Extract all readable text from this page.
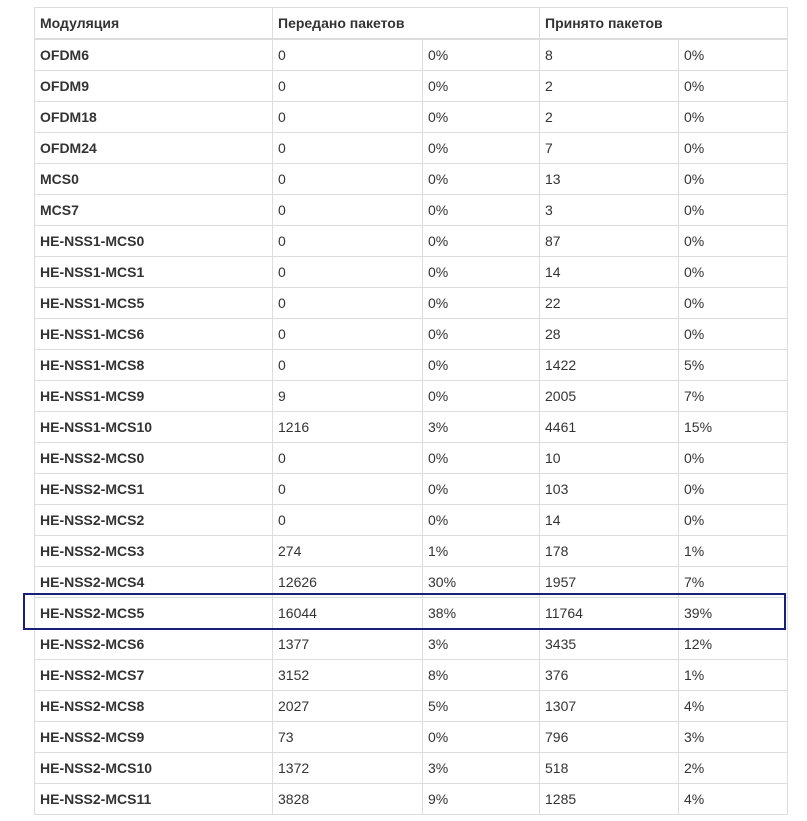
Модуляция	Передано пакетов		Принято пакетов	
OFDM6	0	0%	8	0%
OFDM9	0	0%	2	0%
OFDM18	0	0%	2	0%
OFDM24	0	0%	7	0%
MCS0	0	0%	13	0%
MCS7	0	0%	3	0%
HE-NSS1-MCS0	0	0%	87	0%
HE-NSS1-MCS1	0	0%	14	0%
HE-NSS1-MCS5	0	0%	22	0%
HE-NSS1-MCS6	0	0%	28	0%
HE-NSS1-MCS8	0	0%	1422	5%
HE-NSS1-MCS9	9	0%	2005	7%
HE-NSS1-MCS10	1216	3%	4461	15%
HE-NSS2-MCS0	0	0%	10	0%
HE-NSS2-MCS1	0	0%	103	0%
HE-NSS2-MCS2	0	0%	14	0%
HE-NSS2-MCS3	274	1%	178	1%
HE-NSS2-MCS4	12626	30%	1957	7%
HE-NSS2-MCS5	16044	38%	11764	39%
HE-NSS2-MCS6	1377	3%	3435	12%
HE-NSS2-MCS7	3152	8%	376	1%
HE-NSS2-MCS8	2027	5%	1307	4%
HE-NSS2-MCS9	73	0%	796	3%
HE-NSS2-MCS10	1372	3%	518	2%
HE-NSS2-MCS11	3828	9%	1285	4%
